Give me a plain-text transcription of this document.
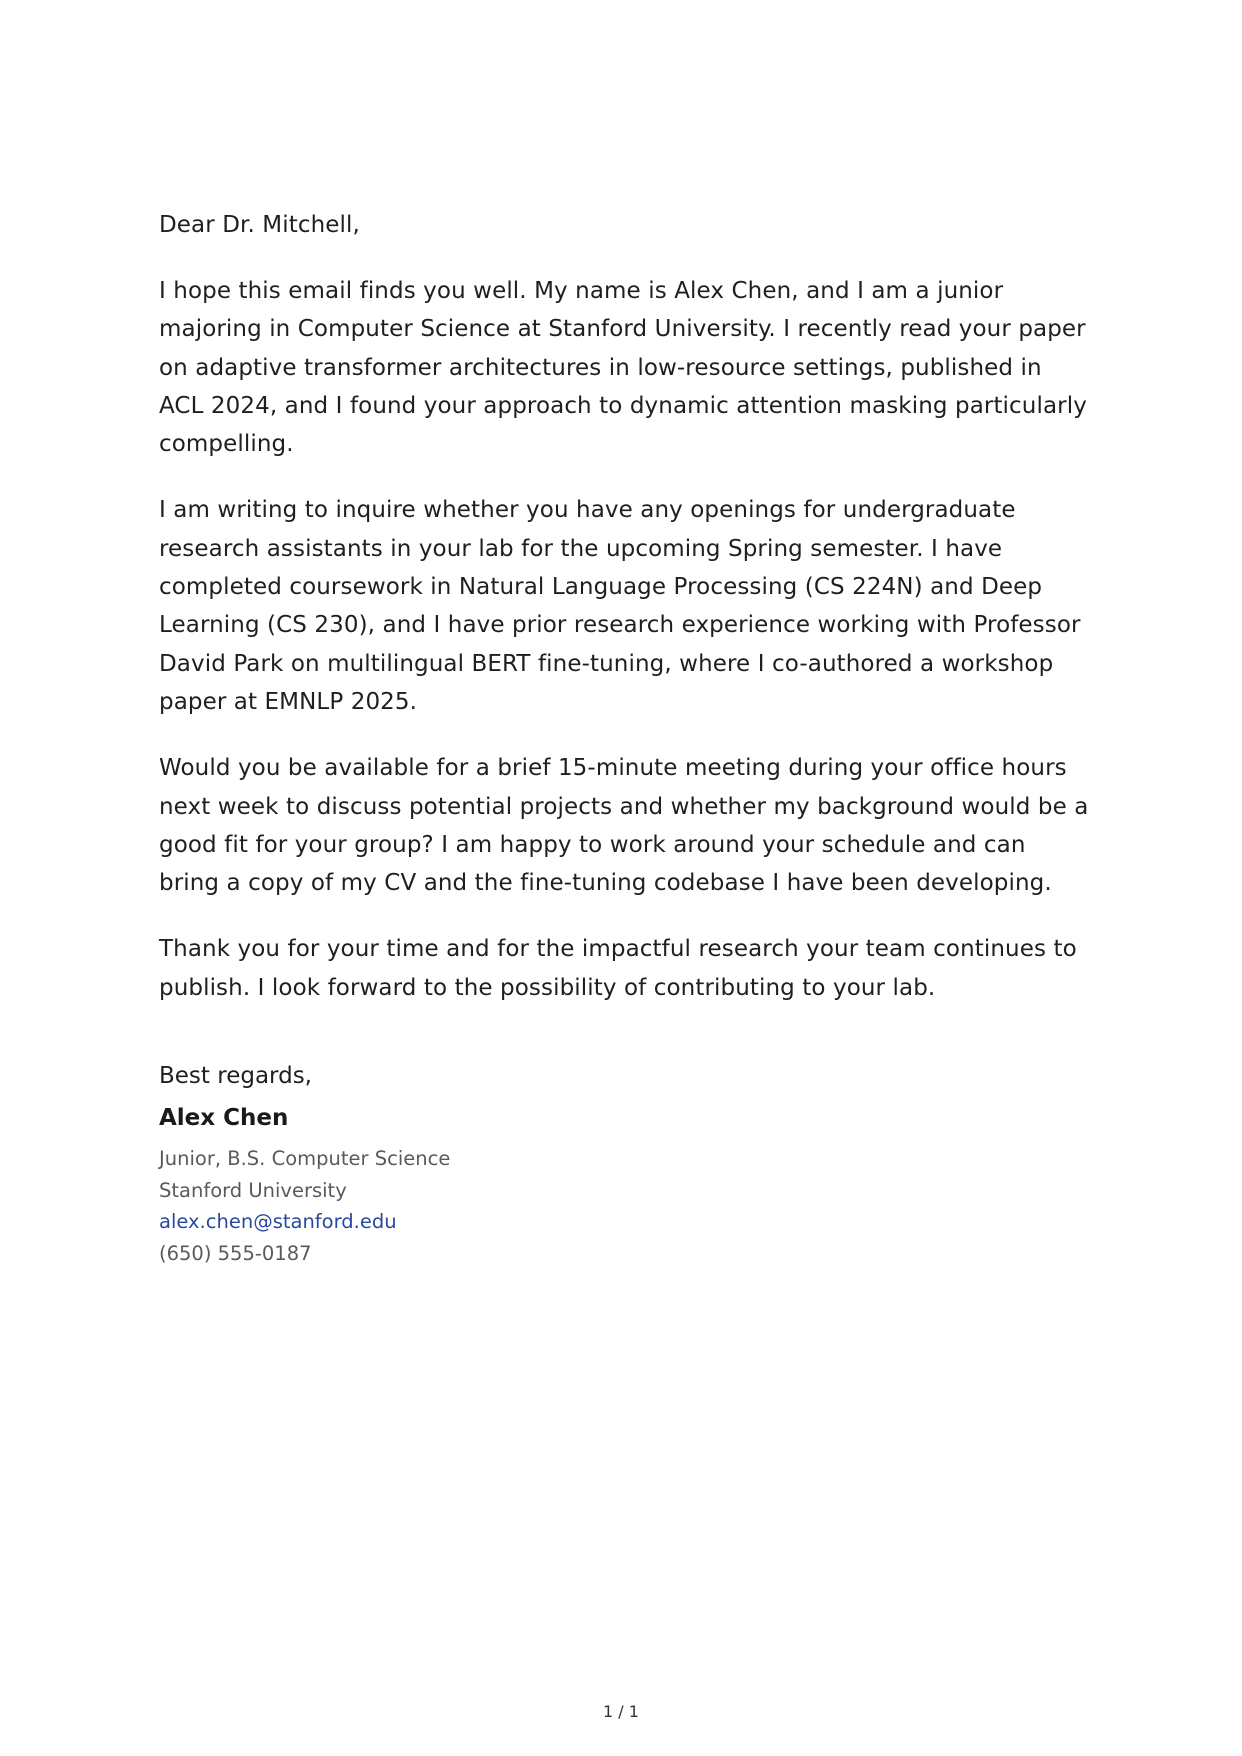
Dear Dr. Mitchell,

I hope this email finds you well. My name is Alex Chen, and I am a junior majoring in Computer Science at Stanford University. I recently read your paper on adaptive transformer architectures in low-resource settings, published in ACL 2024, and I found your approach to dynamic attention masking particularly compelling.

I am writing to inquire whether you have any openings for undergraduate research assistants in your lab for the upcoming Spring semester. I have completed coursework in Natural Language Processing (CS 224N) and Deep Learning (CS 230), and I have prior research experience working with Professor David Park on multilingual BERT fine-tuning, where I co-authored a workshop paper at EMNLP 2025.

Would you be available for a brief 15-minute meeting during your office hours next week to discuss potential projects and whether my background would be a good fit for your group? I am happy to work around your schedule and can bring a copy of my CV and the fine-tuning codebase I have been developing.

Thank you for your time and for the impactful research your team continues to publish. I look forward to the possibility of contributing to your lab.

Best regards,

Alex Chen

Junior, B.S. Computer Science

Stanford University

alex.chen@stanford.edu

(650) 555-0187

1 / 1
